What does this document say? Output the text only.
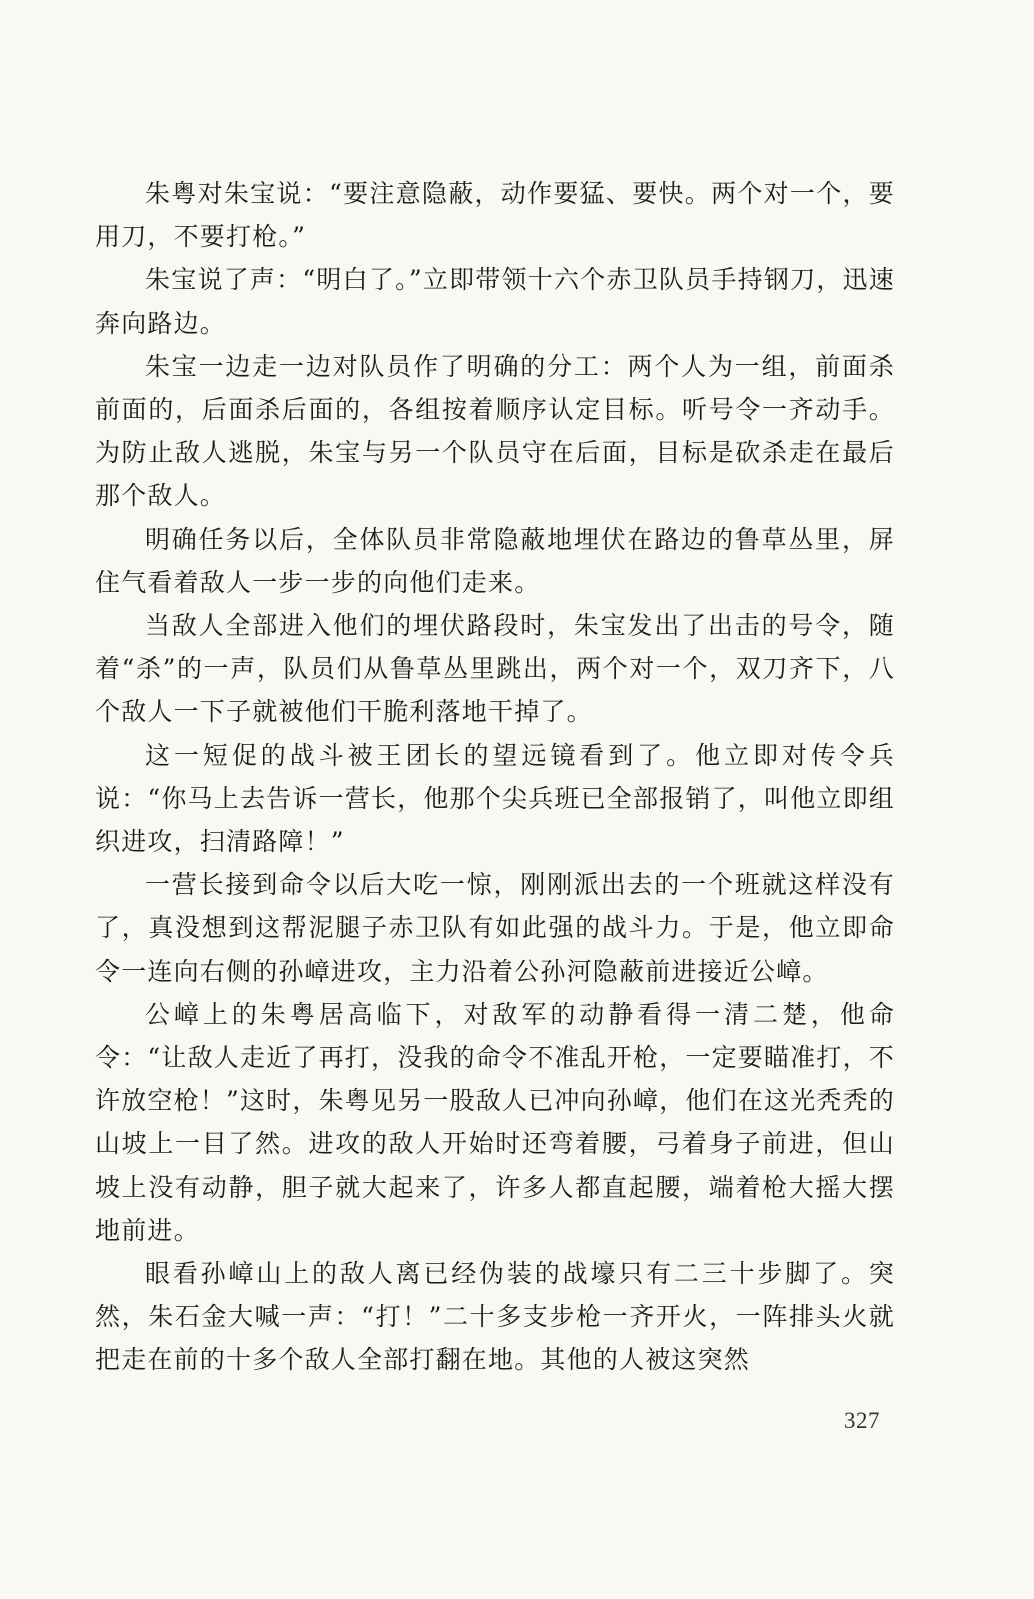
朱粤对朱宝说：“要注意隐蔽，动作要猛、要快。两个对一个，要用刀，不要打枪。”

朱宝说了声：“明白了。”立即带领十六个赤卫队员手持钢刀，迅速奔向路边。

朱宝一边走一边对队员作了明确的分工：两个人为一组，前面杀前面的，后面杀后面的，各组按着顺序认定目标。听号令一齐动手。为防止敌人逃脱，朱宝与另一个队员守在后面，目标是砍杀走在最后那个敌人。

明确任务以后，全体队员非常隐蔽地埋伏在路边的鲁草丛里，屏住气看着敌人一步一步的向他们走来。

当敌人全部进入他们的埋伏路段时，朱宝发出了出击的号令，随着“杀”的一声，队员们从鲁草丛里跳出，两个对一个，双刀齐下，八个敌人一下子就被他们干脆利落地干掉了。

这一短促的战斗被王团长的望远镜看到了。他立即对传令兵说：“你马上去告诉一营长，他那个尖兵班已全部报销了，叫他立即组织进攻，扫清路障！”

一营长接到命令以后大吃一惊，刚刚派出去的一个班就这样没有了，真没想到这帮泥腿子赤卫队有如此强的战斗力。于是，他立即命令一连向右侧的孙嶂进攻，主力沿着公孙河隐蔽前进接近公嶂。

公嶂上的朱粤居高临下，对敌军的动静看得一清二楚，他命令：“让敌人走近了再打，没我的命令不准乱开枪，一定要瞄准打，不许放空枪！”这时，朱粤见另一股敌人已冲向孙嶂，他们在这光秃秃的山坡上一目了然。进攻的敌人开始时还弯着腰，弓着身子前进，但山坡上没有动静，胆子就大起来了，许多人都直起腰，端着枪大摇大摆地前进。

眼看孙嶂山上的敌人离已经伪装的战壕只有二三十步脚了。突然，朱石金大喊一声：“打！”二十多支步枪一齐开火，一阵排头火就把走在前的十多个敌人全部打翻在地。其他的人被这突然

327
